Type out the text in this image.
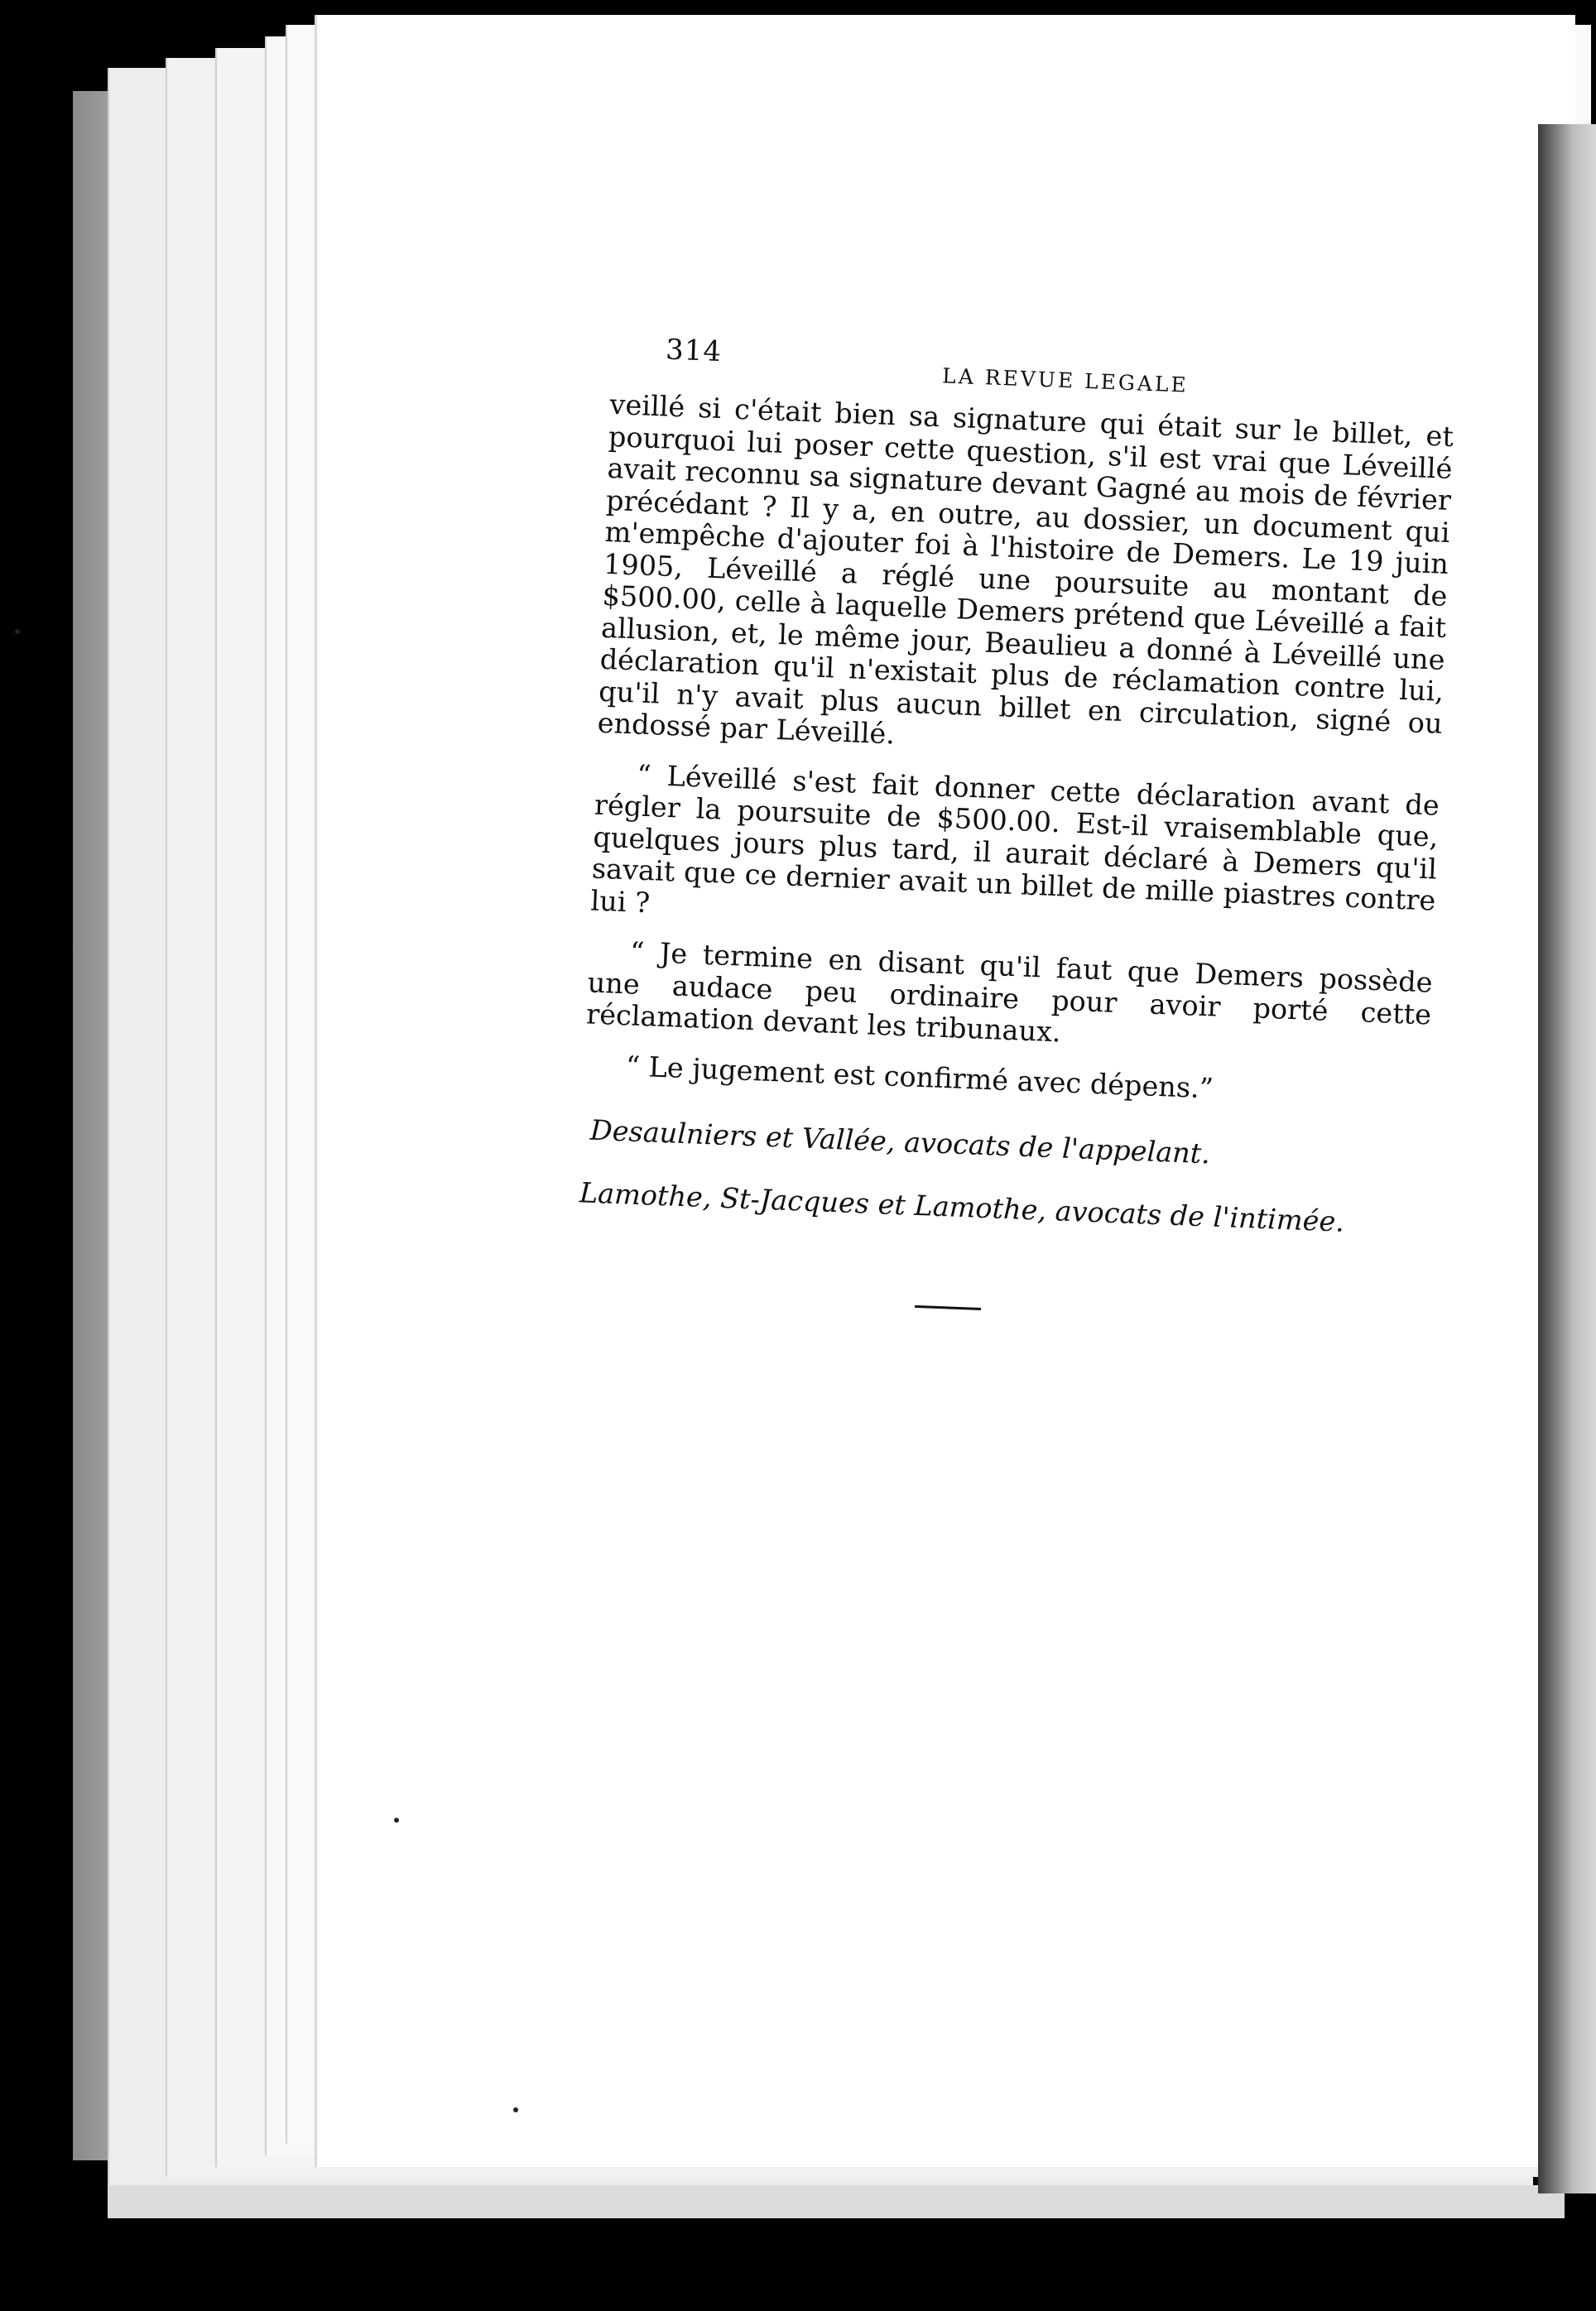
314
LA REVUE LEGALE

veillé si c'était bien sa signature qui était sur le billet, et pourquoi lui poser cette question, s'il est vrai que Léveillé avait reconnu sa signature devant Gagné au mois de février précédant ? Il y a, en outre, au dossier, un document qui m'empêche d'ajouter foi à l'histoire de Demers. Le 19 juin 1905, Léveillé a réglé une poursuite au montant de $500.00, celle à laquelle Demers prétend que Léveillé a fait allusion, et, le même jour, Beaulieu a donné à Léveillé une déclaration qu'il n'existait plus de réclamation contre lui, qu'il n'y avait plus aucun billet en circulation, signé ou endossé par Léveillé.

“ Léveillé s'est fait donner cette déclaration avant de régler la poursuite de $500.00. Est-il vraisemblable que, quelques jours plus tard, il aurait déclaré à Demers qu'il savait que ce dernier avait un billet de mille piastres contre lui ?

“ Je termine en disant qu'il faut que Demers possède une audace peu ordinaire pour avoir porté cette réclamation devant les tribunaux.

“ Le jugement est confirmé avec dépens.”

Desaulniers et Vallée, avocats de l'appelant.

Lamothe, St-Jacques et Lamothe, avocats de l'intimée.
